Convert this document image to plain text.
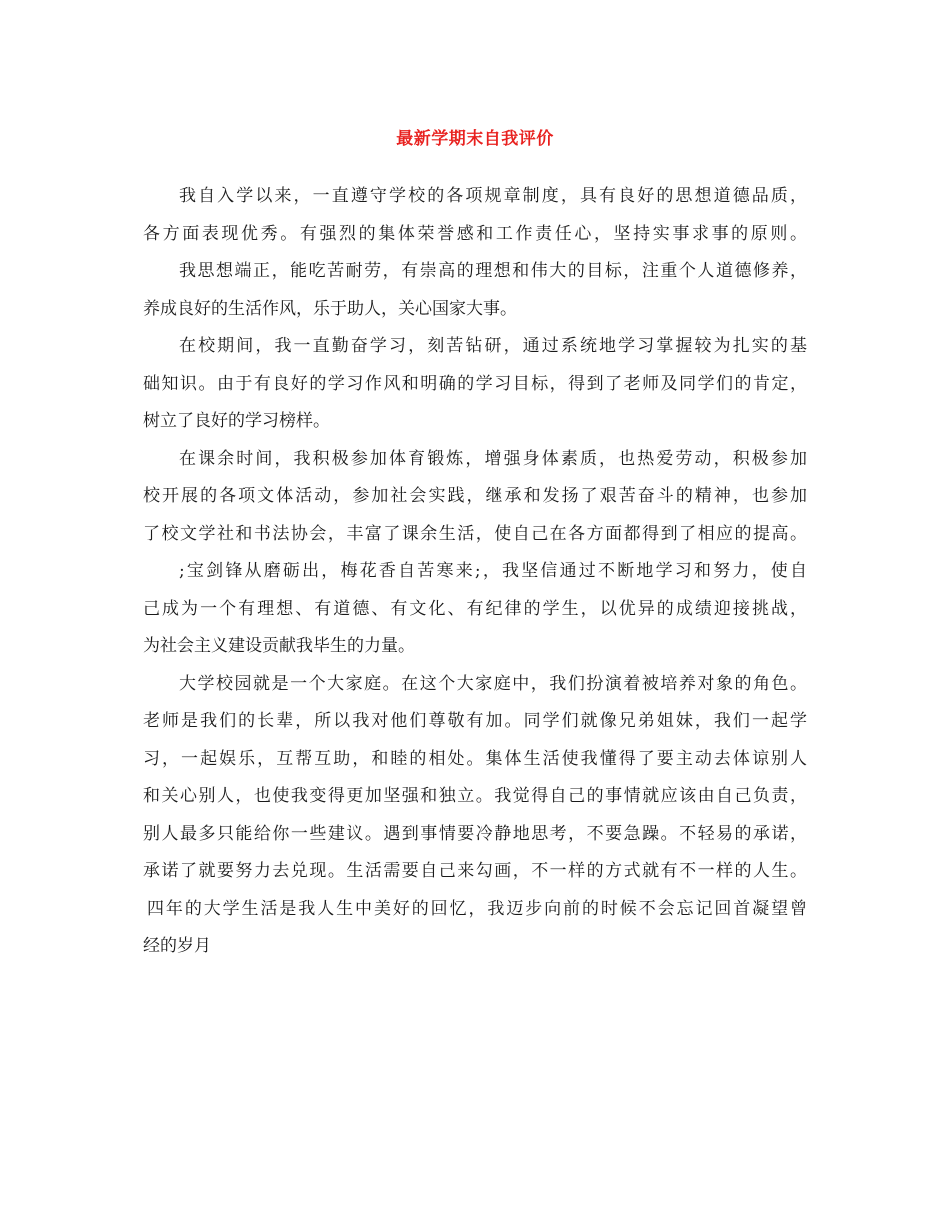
最新学期末自我评价
我自入学以来，一直遵守学校的各项规章制度，具有良好的思想道德品质，
各方面表现优秀。有强烈的集体荣誉感和工作责任心，坚持实事求事的原则。
我思想端正，能吃苦耐劳，有崇高的理想和伟大的目标，注重个人道德修养，
养成良好的生活作风，乐于助人，关心国家大事。
在校期间，我一直勤奋学习，刻苦钻研，通过系统地学习掌握较为扎实的基
础知识。由于有良好的学习作风和明确的学习目标，得到了老师及同学们的肯定，
树立了良好的学习榜样。
在课余时间，我积极参加体育锻炼，增强身体素质，也热爱劳动，积极参加
校开展的各项文体活动，参加社会实践，继承和发扬了艰苦奋斗的精神，也参加
了校文学社和书法协会，丰富了课余生活，使自己在各方面都得到了相应的提高。
;宝剑锋从磨砺出，梅花香自苦寒来;，我坚信通过不断地学习和努力，使自
己成为一个有理想、有道德、有文化、有纪律的学生，以优异的成绩迎接挑战，
为社会主义建设贡献我毕生的力量。
大学校园就是一个大家庭。在这个大家庭中，我们扮演着被培养对象的角色。
老师是我们的长辈，所以我对他们尊敬有加。同学们就像兄弟姐妹，我们一起学
习，一起娱乐，互帮互助，和睦的相处。集体生活使我懂得了要主动去体谅别人
和关心别人，也使我变得更加坚强和独立。我觉得自己的事情就应该由自己负责，
别人最多只能给你一些建议。遇到事情要冷静地思考，不要急躁。不轻易的承诺，
承诺了就要努力去兑现。生活需要自己来勾画，不一样的方式就有不一样的人生。
四年的大学生活是我人生中美好的回忆，我迈步向前的时候不会忘记回首凝望曾
经的岁月
